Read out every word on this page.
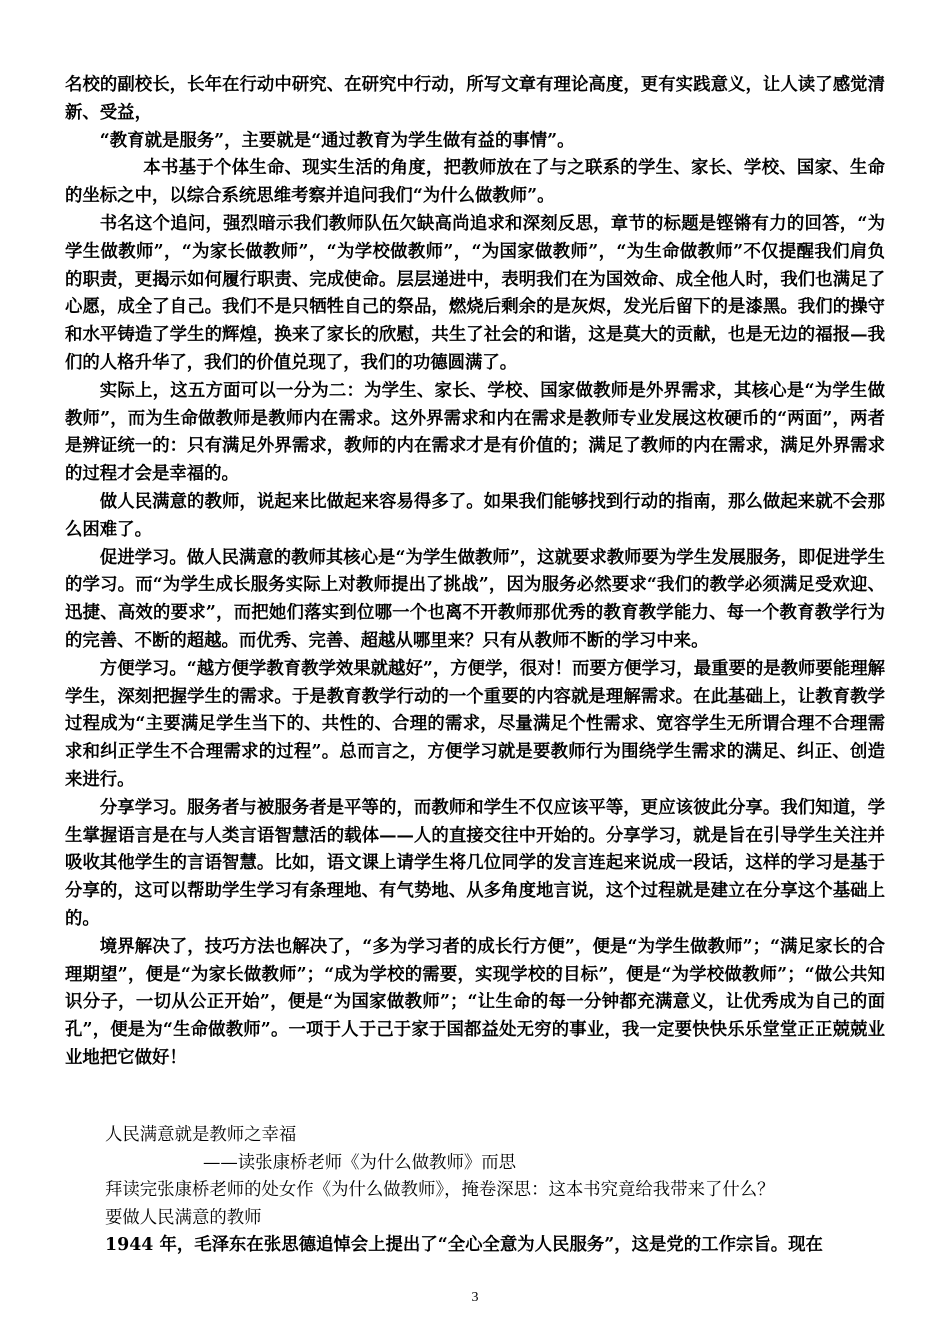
名校的副校长，长年在行动中研究、在研究中行动，所写文章有理论高度，更有实践意义，让人读了感觉清新、受益，

“教育就是服务”，主要就是“通过教育为学生做有益的事情”。

本书基于个体生命、现实生活的角度，把教师放在了与之联系的学生、家长、学校、国家、生命的坐标之中，以综合系统思维考察并追问我们“为什么做教师”。

书名这个追问，强烈暗示我们教师队伍欠缺高尚追求和深刻反思，章节的标题是铿锵有力的回答，“为学生做教师”，“为家长做教师”，“为学校做教师”，“为国家做教师”，“为生命做教师”不仅提醒我们肩负的职责，更揭示如何履行职责、完成使命。层层递进中，表明我们在为国效命、成全他人时，我们也满足了心愿，成全了自己。我们不是只牺牲自己的祭品，燃烧后剩余的是灰烬，发光后留下的是漆黑。我们的操守和水平铸造了学生的辉煌，换来了家长的欣慰，共生了社会的和谐，这是莫大的贡献，也是无边的福报—我们的人格升华了，我们的价值兑现了，我们的功德圆满了。

实际上，这五方面可以一分为二：为学生、家长、学校、国家做教师是外界需求，其核心是“为学生做教师”，而为生命做教师是教师内在需求。这外界需求和内在需求是教师专业发展这枚硬币的“两面”，两者是辨证统一的：只有满足外界需求，教师的内在需求才是有价值的；满足了教师的内在需求，满足外界需求的过程才会是幸福的。

做人民满意的教师，说起来比做起来容易得多了。如果我们能够找到行动的指南，那么做起来就不会那么困难了。

促进学习。做人民满意的教师其核心是“为学生做教师”，这就要求教师要为学生发展服务，即促进学生的学习。而“为学生成长服务实际上对教师提出了挑战”，因为服务必然要求“我们的教学必须满足受欢迎、迅捷、高效的要求”，而把她们落实到位哪一个也离不开教师那优秀的教育教学能力、每一个教育教学行为的完善、不断的超越。而优秀、完善、超越从哪里来？只有从教师不断的学习中来。

方便学习。“越方便学教育教学效果就越好”，方便学，很对！而要方便学习，最重要的是教师要能理解学生，深刻把握学生的需求。于是教育教学行动的一个重要的内容就是理解需求。在此基础上，让教育教学过程成为“主要满足学生当下的、共性的、合理的需求，尽量满足个性需求、宽容学生无所谓合理不合理需求和纠正学生不合理需求的过程”。总而言之，方便学习就是要教师行为围绕学生需求的满足、纠正、创造来进行。

分享学习。服务者与被服务者是平等的，而教师和学生不仅应该平等，更应该彼此分享。我们知道，学生掌握语言是在与人类言语智慧活的载体——人的直接交往中开始的。分享学习，就是旨在引导学生关注并吸收其他学生的言语智慧。比如，语文课上请学生将几位同学的发言连起来说成一段话，这样的学习是基于分享的，这可以帮助学生学习有条理地、有气势地、从多角度地言说，这个过程就是建立在分享这个基础上的。

境界解决了，技巧方法也解决了，“多为学习者的成长行方便”，便是“为学生做教师”；“满足家长的合理期望”，便是“为家长做教师”；“成为学校的需要，实现学校的目标”，便是“为学校做教师”；“做公共知识分子，一切从公正开始”，便是“为国家做教师”；“让生命的每一分钟都充满意义，让优秀成为自己的面孔”，便是为“生命做教师”。一项于人于己于家于国都益处无穷的事业，我一定要快快乐乐堂堂正正兢兢业业地把它做好！

人民满意就是教师之幸福

——读张康桥老师《为什么做教师》而思

拜读完张康桥老师的处女作《为什么做教师》，掩卷深思：这本书究竟给我带来了什么？

要做人民满意的教师

1944 年，毛泽东在张思德追悼会上提出了“全心全意为人民服务”，这是党的工作宗旨。现在

3
